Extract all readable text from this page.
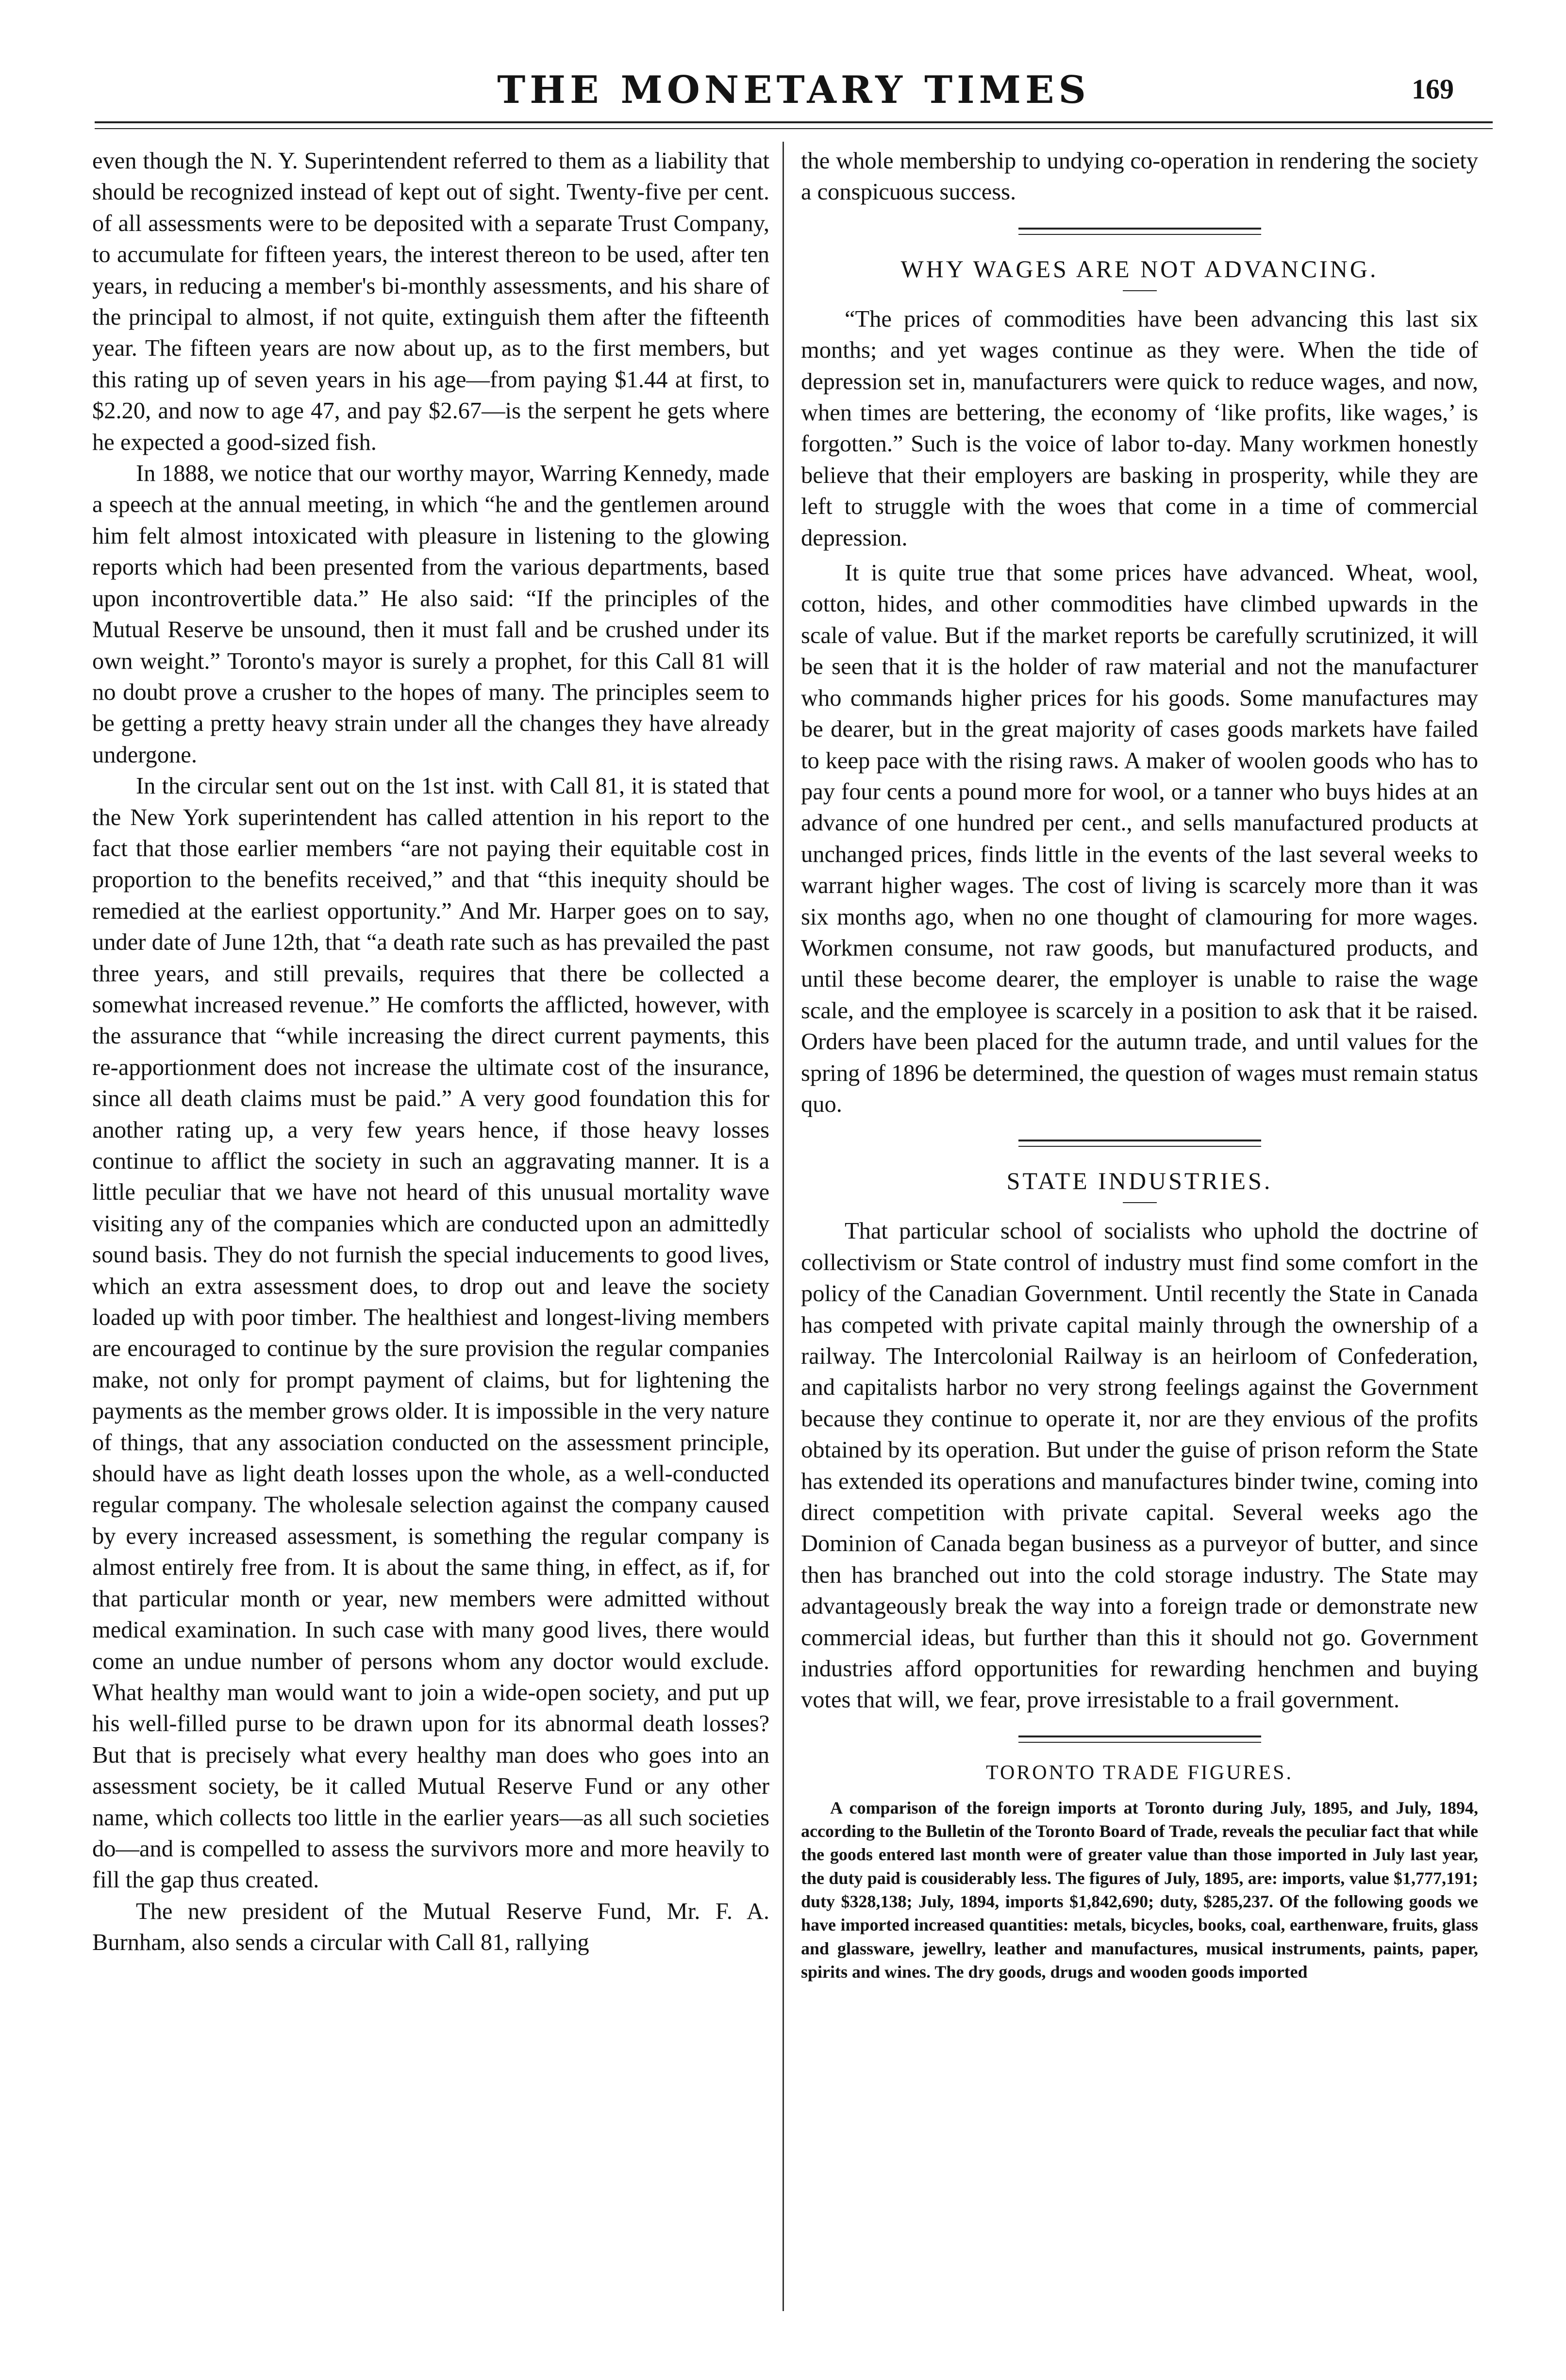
THE MONETARY TIMES	169

even though the N. Y. Superintendent referred to them as a liability that should be recognized instead of kept out of sight. Twenty-five per cent. of all assessments were to be deposited with a separate Trust Company, to accumulate for fifteen years, the interest thereon to be used, after ten years, in reducing a member's bi-monthly assessments, and his share of the principal to almost, if not quite, extinguish them after the fifteenth year. The fifteen years are now about up, as to the first members, but this rating up of seven years in his age—from paying $1.44 at first, to $2.20, and now to age 47, and pay $2.67—is the serpent he gets where he expected a good-sized fish.

In 1888, we notice that our worthy mayor, Warring Kennedy, made a speech at the annual meeting, in which “he and the gentlemen around him felt almost intoxicated with pleasure in listening to the glowing reports which had been presented from the various departments, based upon incontrovertible data.” He also said: “If the principles of the Mutual Reserve be unsound, then it must fall and be crushed under its own weight.” Toronto's mayor is surely a prophet, for this Call 81 will no doubt prove a crusher to the hopes of many. The principles seem to be getting a pretty heavy strain under all the changes they have already undergone.

In the circular sent out on the 1st inst. with Call 81, it is stated that the New York superintendent has called attention in his report to the fact that those earlier members “are not paying their equitable cost in proportion to the benefits received,” and that “this inequity should be remedied at the earliest opportunity.” And Mr. Harper goes on to say, under date of June 12th, that “a death rate such as has prevailed the past three years, and still prevails, requires that there be collected a somewhat increased revenue.” He comforts the afflicted, however, with the assurance that “while increasing the direct current payments, this re-apportionment does not increase the ultimate cost of the insurance, since all death claims must be paid.” A very good foundation this for another rating up, a very few years hence, if those heavy losses continue to afflict the society in such an aggravating manner. It is a little peculiar that we have not heard of this unusual mortality wave visiting any of the companies which are conducted upon an admittedly sound basis. They do not furnish the special inducements to good lives, which an extra assessment does, to drop out and leave the society loaded up with poor timber. The healthiest and longest-living members are encouraged to continue by the sure provision the regular companies make, not only for prompt payment of claims, but for lightening the payments as the member grows older. It is impossible in the very nature of things, that any association conducted on the assessment principle, should have as light death losses upon the whole, as a well-conducted regular company. The wholesale selection against the company caused by every increased assessment, is something the regular company is almost entirely free from. It is about the same thing, in effect, as if, for that particular month or year, new members were admitted without medical examination. In such case with many good lives, there would come an undue number of persons whom any doctor would exclude. What healthy man would want to join a wide-open society, and put up his well-filled purse to be drawn upon for its abnormal death losses? But that is precisely what every healthy man does who goes into an assessment society, be it called Mutual Reserve Fund or any other name, which collects too little in the earlier years—as all such societies do—and is compelled to assess the survivors more and more heavily to fill the gap thus created.

The new president of the Mutual Reserve Fund, Mr. F. A. Burnham, also sends a circular with Call 81, rallying

the whole membership to undying co-operation in rendering the society a conspicuous success.

WHY WAGES ARE NOT ADVANCING.

“The prices of commodities have been advancing this last six months; and yet wages continue as they were. When the tide of depression set in, manufacturers were quick to reduce wages, and now, when times are bettering, the economy of ‘like profits, like wages,’ is forgotten.” Such is the voice of labor to-day. Many workmen honestly believe that their employers are basking in prosperity, while they are left to struggle with the woes that come in a time of commercial depression.

It is quite true that some prices have advanced. Wheat, wool, cotton, hides, and other commodities have climbed upwards in the scale of value. But if the market reports be carefully scrutinized, it will be seen that it is the holder of raw material and not the manufacturer who commands higher prices for his goods. Some manufactures may be dearer, but in the great majority of cases goods markets have failed to keep pace with the rising raws. A maker of woolen goods who has to pay four cents a pound more for wool, or a tanner who buys hides at an advance of one hundred per cent., and sells manufactured products at unchanged prices, finds little in the events of the last several weeks to warrant higher wages. The cost of living is scarcely more than it was six months ago, when no one thought of clamouring for more wages. Workmen consume, not raw goods, but manufactured products, and until these become dearer, the employer is unable to raise the wage scale, and the employee is scarcely in a position to ask that it be raised. Orders have been placed for the autumn trade, and until values for the spring of 1896 be determined, the question of wages must remain status quo.

STATE INDUSTRIES.

That particular school of socialists who uphold the doctrine of collectivism or State control of industry must find some comfort in the policy of the Canadian Government. Until recently the State in Canada has competed with private capital mainly through the ownership of a railway. The Intercolonial Railway is an heirloom of Confederation, and capitalists harbor no very strong feelings against the Government because they continue to operate it, nor are they envious of the profits obtained by its operation. But under the guise of prison reform the State has extended its operations and manufactures binder twine, coming into direct competition with private capital. Several weeks ago the Dominion of Canada began business as a purveyor of butter, and since then has branched out into the cold storage industry. The State may advantageously break the way into a foreign trade or demonstrate new commercial ideas, but further than this it should not go. Government industries afford opportunities for rewarding henchmen and buying votes that will, we fear, prove irresistable to a frail government.

TORONTO TRADE FIGURES.

A comparison of the foreign imports at Toronto during July, 1895, and July, 1894, according to the Bulletin of the Toronto Board of Trade, reveals the peculiar fact that while the goods entered last month were of greater value than those imported in July last year, the duty paid is cousiderably less. The figures of July, 1895, are: imports, value $1,777,191; duty $328,138; July, 1894, imports $1,842,690; duty, $285,237. Of the following goods we have imported increased quantities: metals, bicycles, books, coal, earthenware, fruits, glass and glassware, jewellry, leather and manufactures, musical instruments, paints, paper, spirits and wines. The dry goods, drugs and wooden goods imported
